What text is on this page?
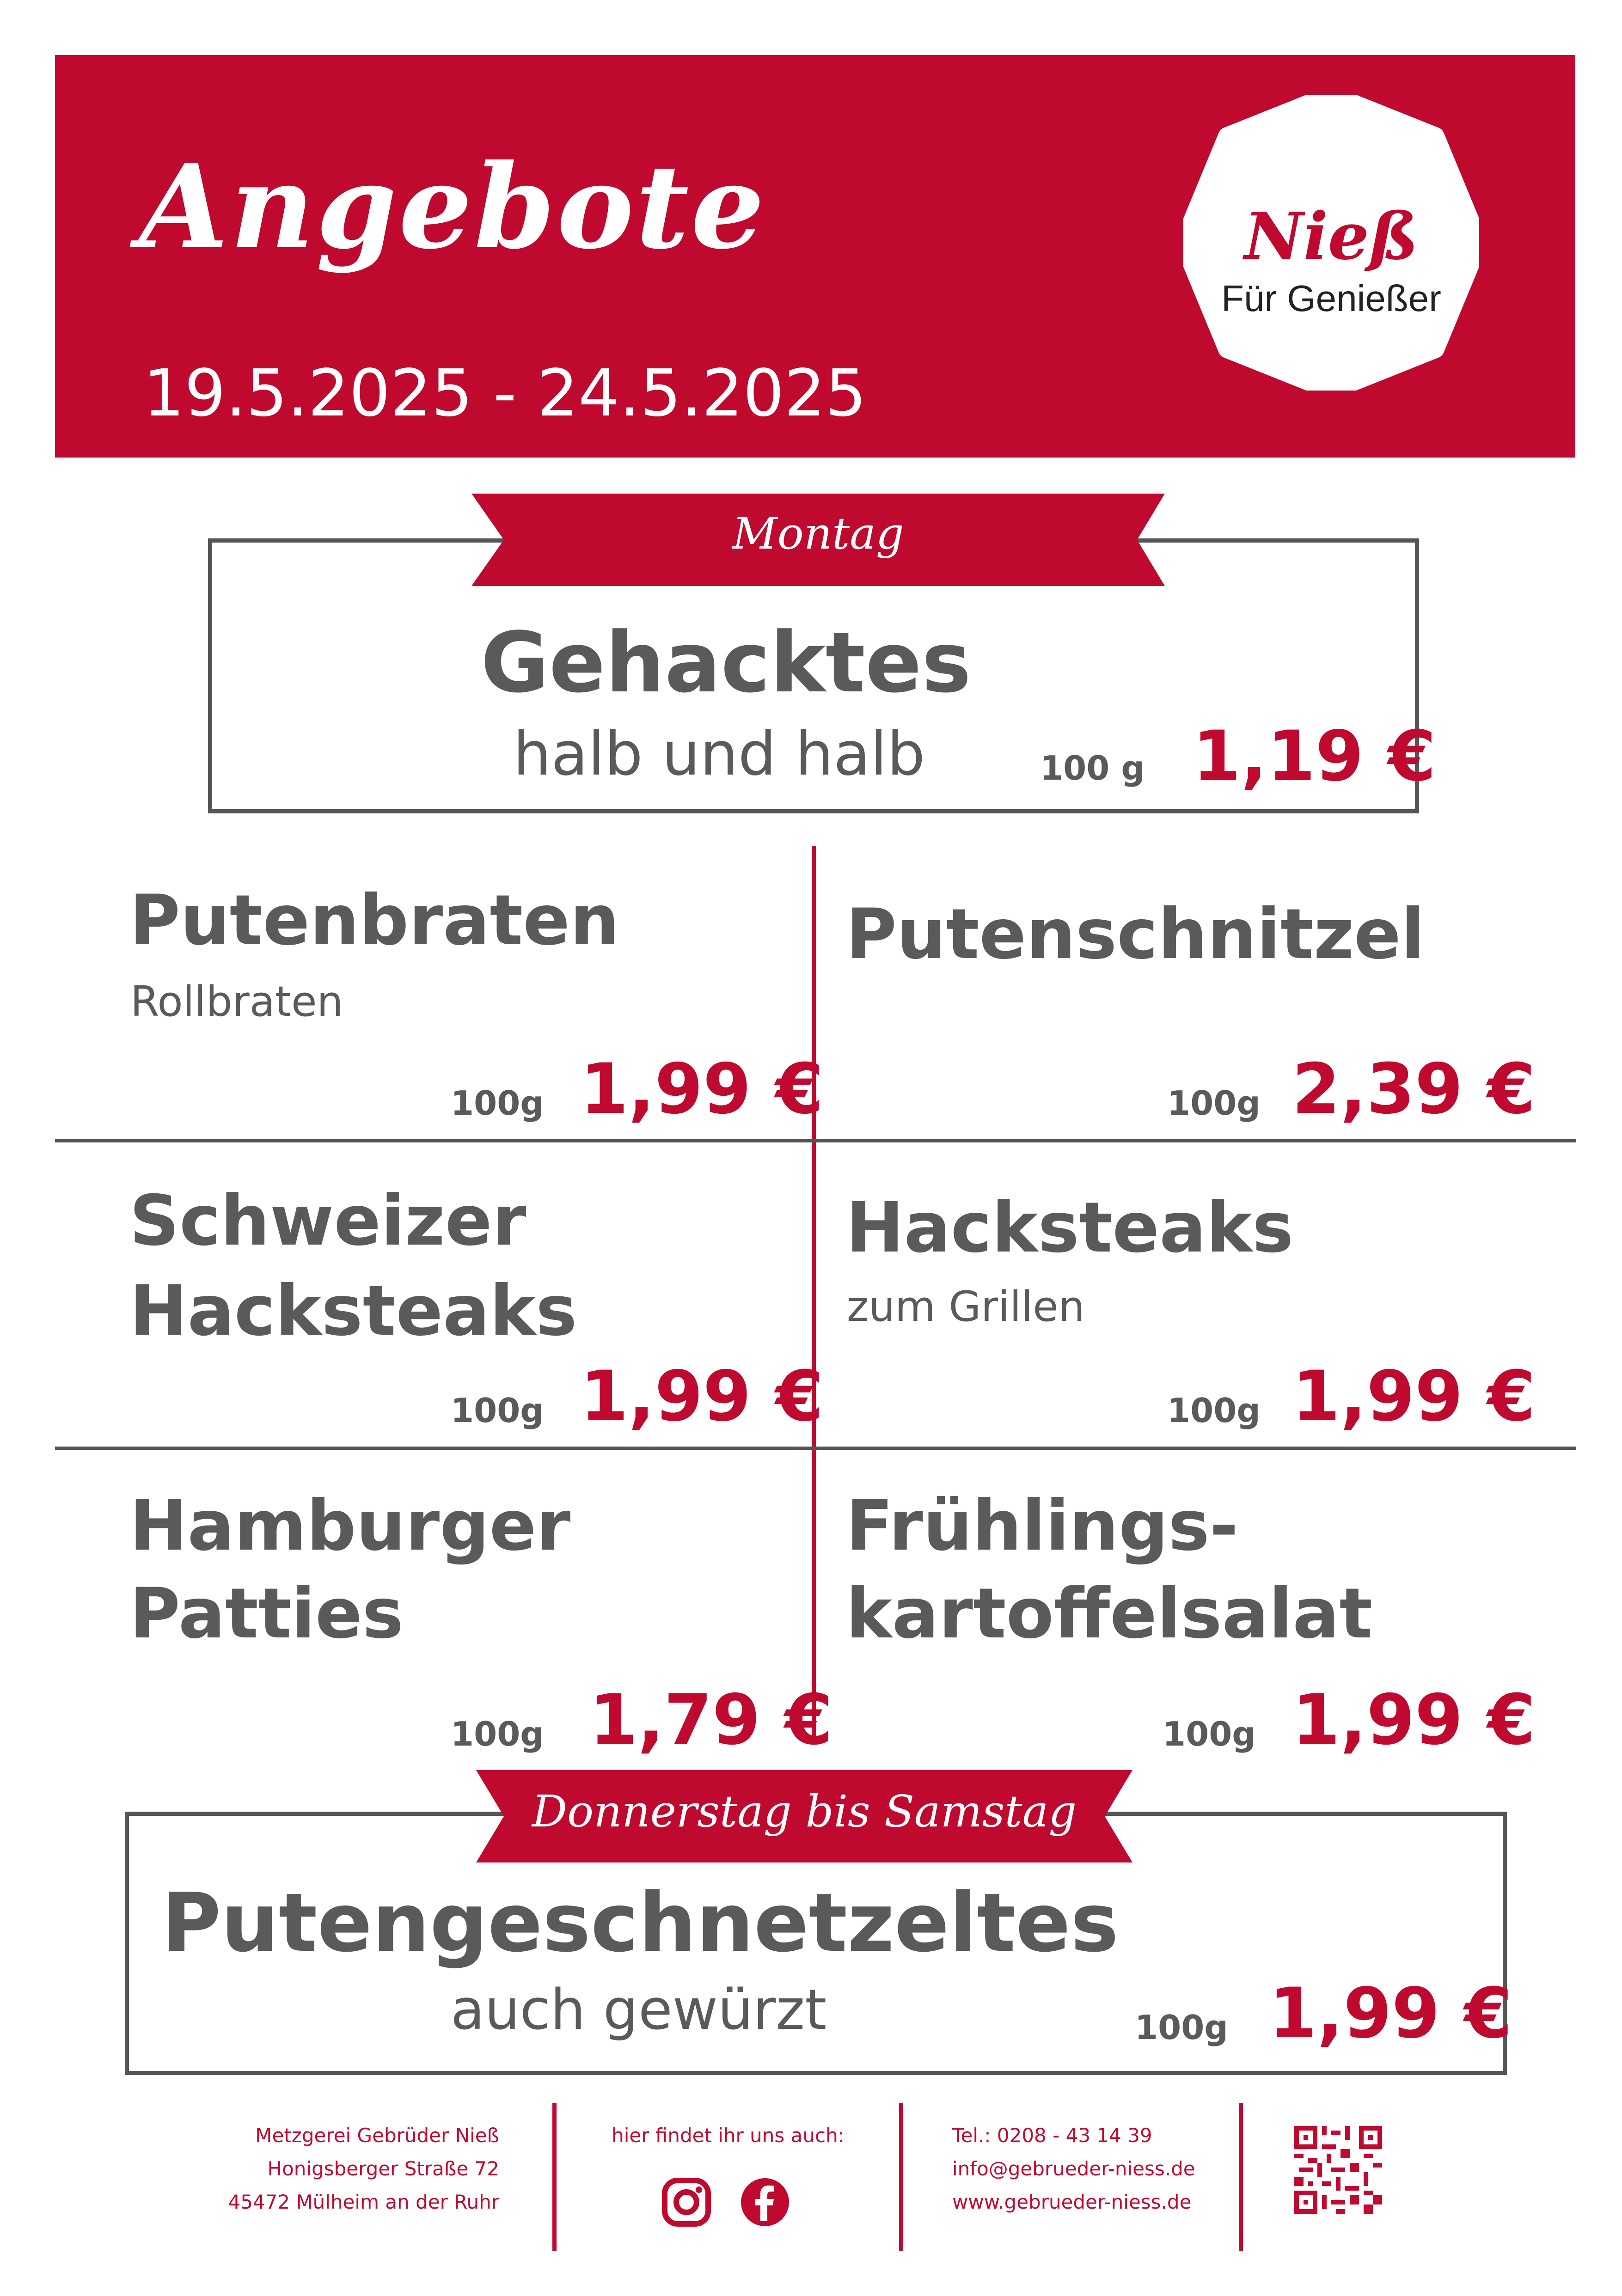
Angebote
19.5.2025 - 24.5.2025
Nieß
Für Genießer
Montag
Gehacktes
halb und halb	100 g 1,19 €
Putenbraten
Rollbraten
100g 1,99 €
Putenschnitzel
100g 2,39 €
Schweizer
Hacksteaks
100g 1,99 €
Hacksteaks
zum Grillen
100g 1,99 €
Hamburger
Patties
100g 1,79 €
Frühlings-
kartoffelsalat
100g 1,99 €
Donnerstag bis Samstag
Putengeschnetzeltes
auch gewürzt	100g 1,99 €
Metzgerei Gebrüder Nieß
Honigsberger Straße 72
45472 Mülheim an der Ruhr
hier findet ihr uns auch:	Tel.: 0208 - 43 14 39
info@gebrueder-niess.de
www.gebrueder-niess.de
